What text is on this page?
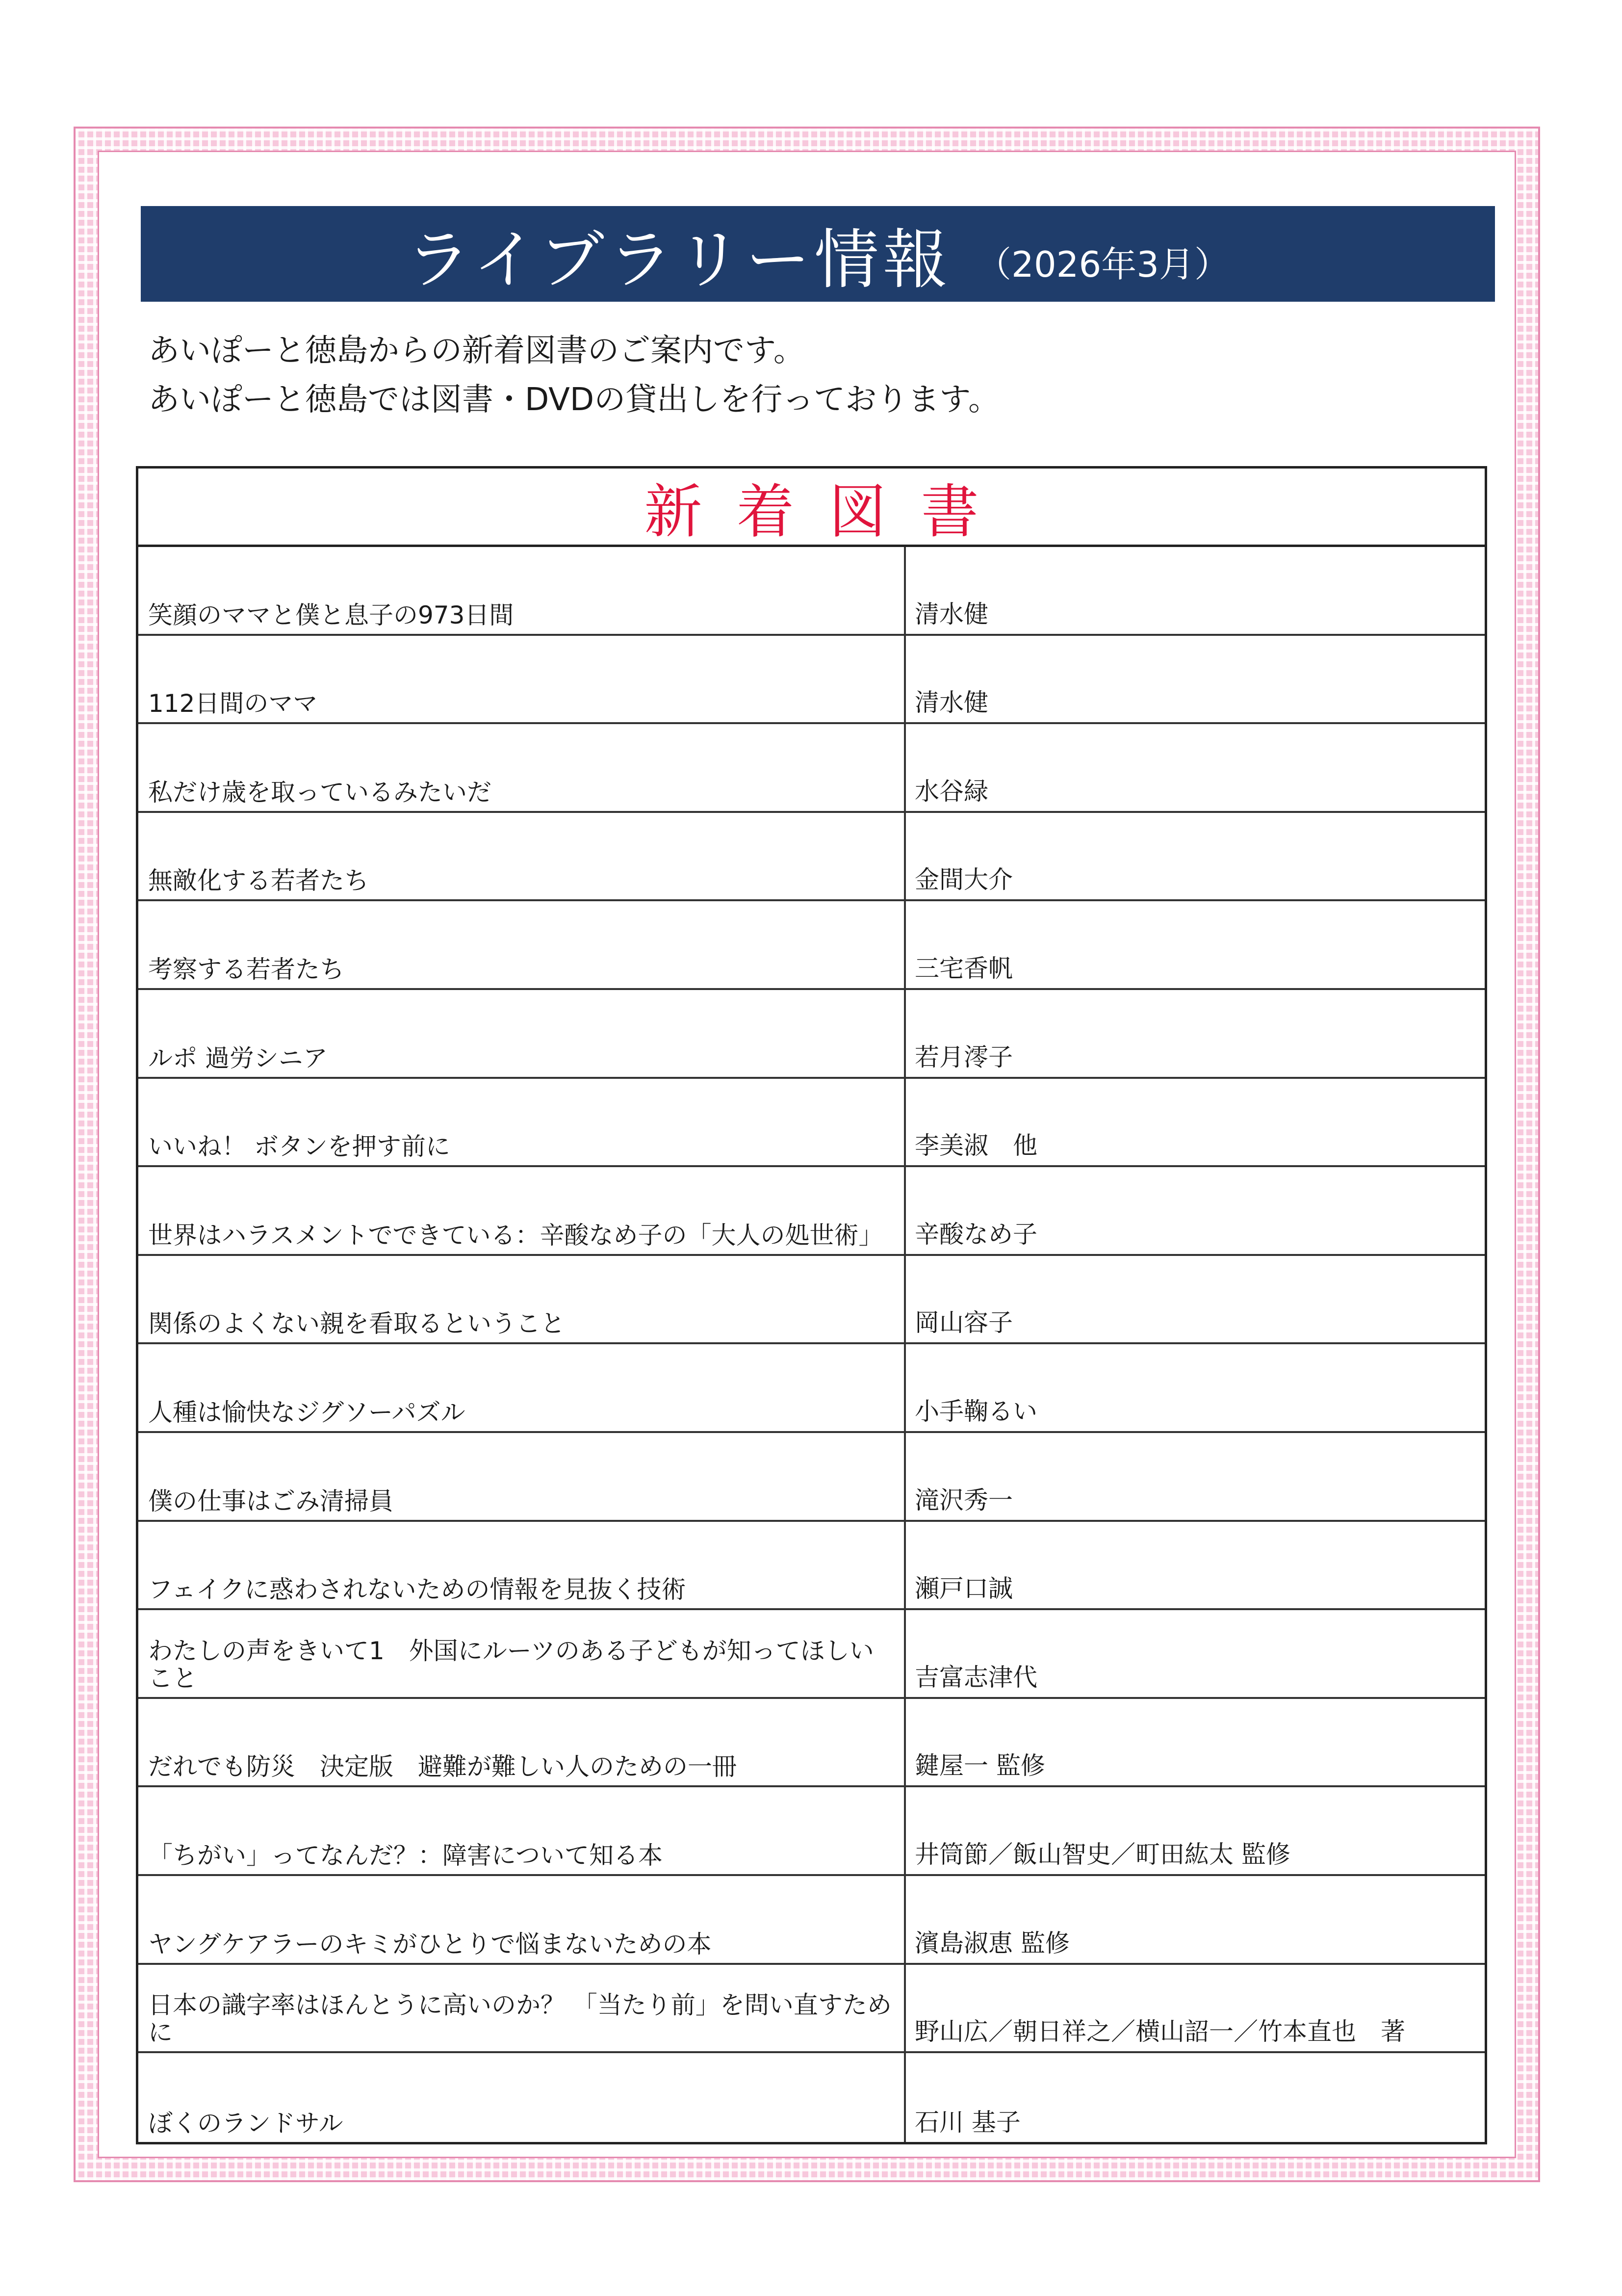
ライブラリー情報 （2026年3月）
あいぽーと徳島からの新着図書のご案内です。
あいぽーと徳島では図書・DVDの貸出しを行っております。
新着図書
笑顔のママと僕と息子の973日間	清水健
112日間のママ	清水健
私だけ歳を取っているみたいだ	水谷緑
無敵化する若者たち	金間大介
考察する若者たち	三宅香帆
ルポ 過労シニア	若月澪子
いいね！ ボタンを押す前に	李美淑　他
世界はハラスメントでできている：辛酸なめ子の「大人の処世術」	辛酸なめ子
関係のよくない親を看取るということ	岡山容子
人種は愉快なジグソーパズル	小手鞠るい
僕の仕事はごみ清掃員	滝沢秀一
フェイクに惑わされないための情報を見抜く技術	瀬戸口誠
わたしの声をきいて1　外国にルーツのある子どもが知ってほしいこと	吉富志津代
だれでも防災　決定版　避難が難しい人のための一冊	鍵屋一 監修
「ちがい」ってなんだ？：障害について知る本	井筒節／飯山智史／町田紘太 監修
ヤングケアラーのキミがひとりで悩まないための本	濱島淑恵 監修
日本の識字率はほんとうに高いのか？ 「当たり前」を問い直すために	野山広／朝日祥之／横山詔一／竹本直也　著
ぼくのランドサル	石川 基子
